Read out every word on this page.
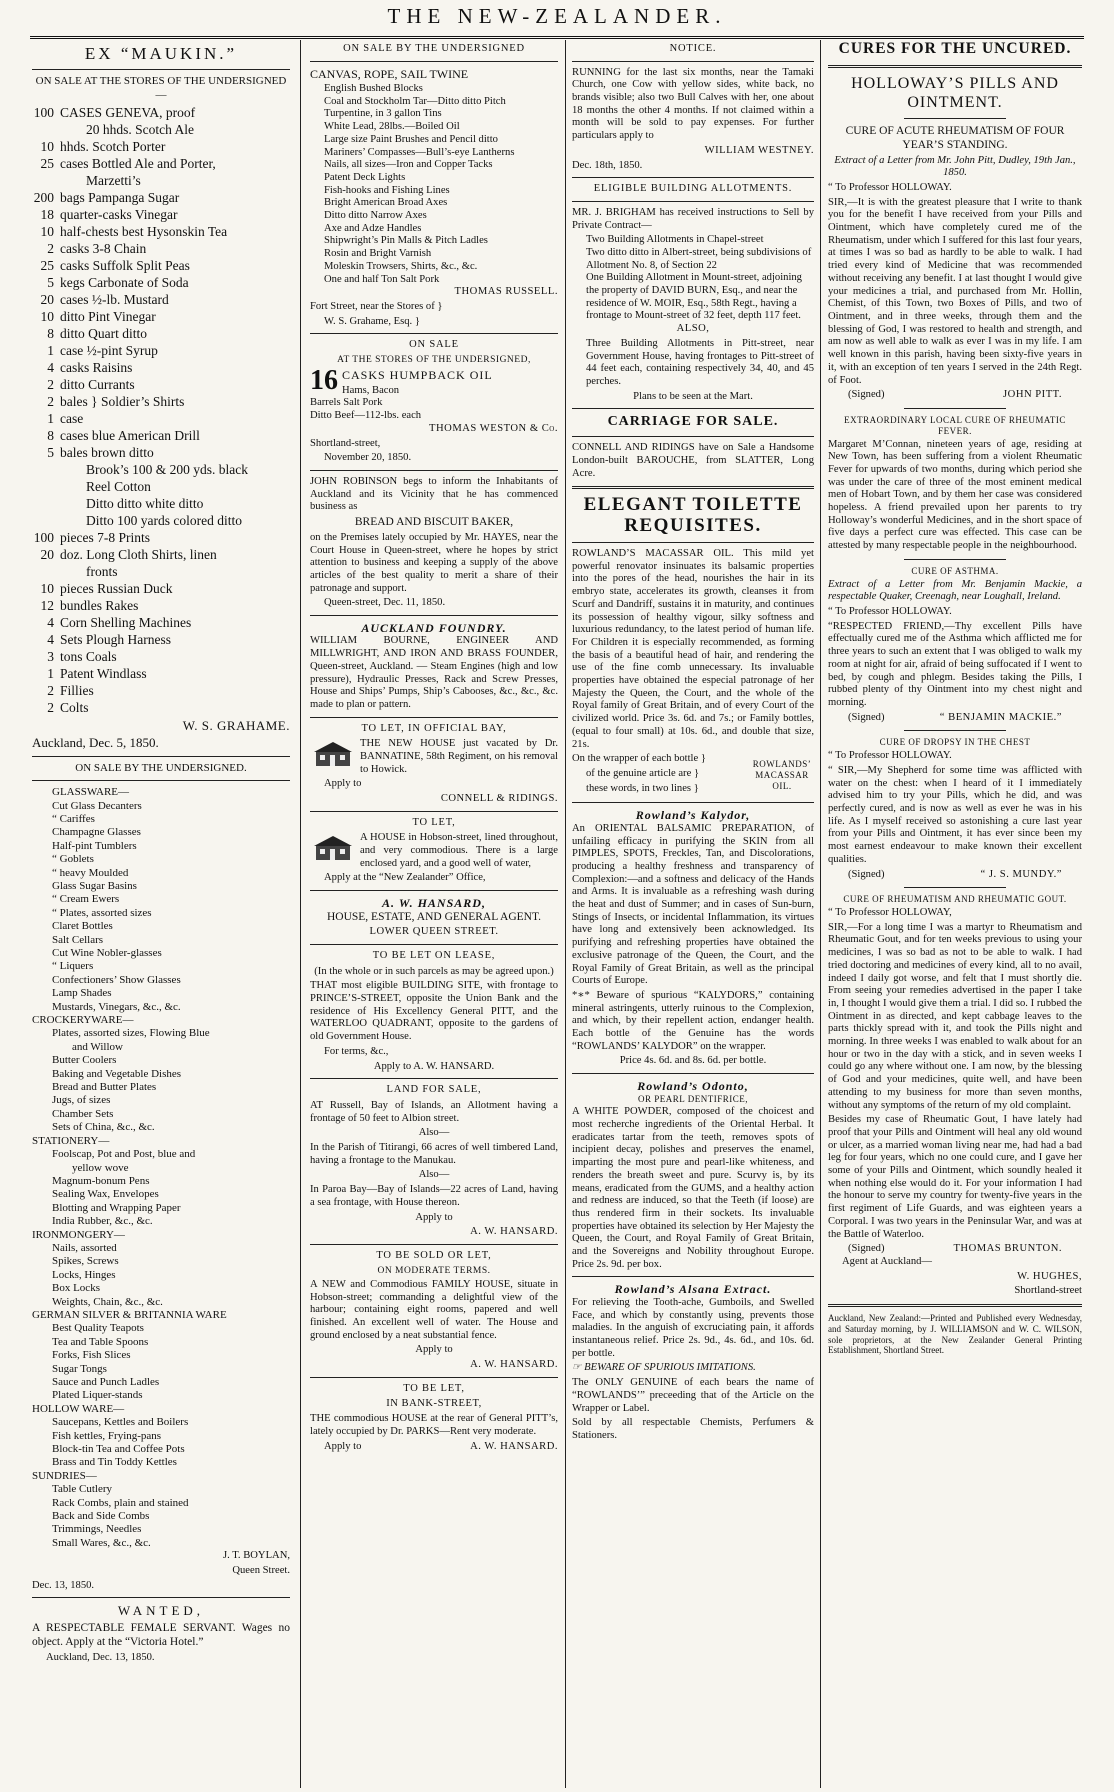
THE NEW-ZEALANDER.
EX “MAUKIN.”

ON SALE AT THE STORES OF THE UNDERSIGNED—

100 CASES GENEVA, proof
20 hhds. Scotch Ale
10 hhds. Scotch Porter
25 cases Bottled Ale and Porter,
Marzetti’s
200 bags Pampanga Sugar
18 quarter-casks Vinegar
10 half-chests best Hysonskin Tea
2 casks 3-8 Chain
25 casks Suffolk Split Peas
5 kegs Carbonate of Soda
20 cases ½-lb. Mustard
10 ditto Pint Vinegar
8 ditto Quart ditto
1 case ½-pint Syrup
4 casks Raisins
2 ditto Currants
2 bales } Soldier’s Shirts
1 case
8 cases blue American Drill
5 bales brown ditto
Brook’s 100 & 200 yds. black
Reel Cotton
Ditto ditto white ditto
Ditto 100 yards colored ditto
100 pieces 7-8 Prints
20 doz. Long Cloth Shirts, linen
fronts
10 pieces Russian Duck
12 bundles Rakes
4 Corn Shelling Machines
4 Sets Plough Harness
3 tons Coals
1 Patent Windlass
2 Fillies
2 Colts

W. S. GRAHAME.

Auckland, Dec. 5, 1850.

ON SALE BY THE UNDERSIGNED.

GLASSWARE—
Cut Glass Decanters
“ Cariffes
Champagne Glasses
Half-pint Tumblers
“ Goblets
“ heavy Moulded
Glass Sugar Basins
“ Cream Ewers
“ Plates, assorted sizes
Claret Bottles
Salt Cellars
Cut Wine Nobler-glasses
“ Liquers
Confectioners’ Show Glasses
Lamp Shades
Mustards, Vinegars, &c., &c.
CROCKERYWARE—
Plates, assorted sizes, Flowing Blue
and Willow
Butter Coolers
Baking and Vegetable Dishes
Bread and Butter Plates
Jugs, of sizes
Chamber Sets
Sets of China, &c., &c.
STATIONERY—
Foolscap, Pot and Post, blue and
yellow wove
Magnum-bonum Pens
Sealing Wax, Envelopes
Blotting and Wrapping Paper
India Rubber, &c., &c.
IRONMONGERY—
Nails, assorted
Spikes, Screws
Locks, Hinges
Box Locks
Weights, Chain, &c., &c.
GERMAN SILVER & BRITANNIA WARE
Best Quality Teapots
Tea and Table Spoons
Forks, Fish Slices
Sugar Tongs
Sauce and Punch Ladles
Plated Liquer-stands
HOLLOW WARE—
Saucepans, Kettles and Boilers
Fish kettles, Frying-pans
Block-tin Tea and Coffee Pots
Brass and Tin Toddy Kettles
SUNDRIES—
Table Cutlery
Rack Combs, plain and stained
Back and Side Combs
Trimmings, Needles
Small Wares, &c., &c.

J. T. BOYLAN,

Queen Street.

Dec. 13, 1850.

WANTED,

A RESPECTABLE FEMALE SERVANT. Wages no object. Apply at the “Victoria Hotel.”

Auckland, Dec. 13, 1850.

ON SALE BY THE UNDERSIGNED

CANVAS, ROPE, SAIL TWINE

English Bushed Blocks
Coal and Stockholm Tar—Ditto ditto Pitch
Turpentine, in 3 gallon Tins
White Lead, 28lbs.—Boiled Oil
Large size Paint Brushes and Pencil ditto
Mariners’ Compasses—Bull’s-eye Lantherns
Nails, all sizes—Iron and Copper Tacks
Patent Deck Lights
Fish-hooks and Fishing Lines
Bright American Broad Axes
Ditto ditto Narrow Axes
Axe and Adze Handles
Shipwright’s Pin Malls & Pitch Ladles
Rosin and Bright Varnish
Moleskin Trowsers, Shirts, &c., &c.
One and half Ton Salt Pork

THOMAS RUSSELL.

Fort Street, near the Stores of }

W. S. Grahame, Esq. }

ON SALE

AT THE STORES OF THE UNDERSIGNED,

16 CASKS HUMPBACK OIL

Hams, Bacon
Barrels Salt Pork
Ditto Beef—112-lbs. each

THOMAS WESTON & Co.

Shortland-street,

November 20, 1850.

JOHN ROBINSON begs to inform the Inhabitants of Auckland and its Vicinity that he has commenced business as

BREAD AND BISCUIT BAKER,

on the Premises lately occupied by Mr. HAYES, near the Court House in Queen-street, where he hopes by strict attention to business and keeping a supply of the above articles of the best quality to merit a share of their patronage and support.

Queen-street, Dec. 11, 1850.

AUCKLAND FOUNDRY.

WILLIAM BOURNE, ENGINEER AND MILLWRIGHT, AND IRON AND BRASS FOUNDER, Queen-street, Auckland. — Steam Engines (high and low pressure), Hydraulic Presses, Rack and Screw Presses, House and Ships’ Pumps, Ship’s Cabooses, &c., &c., &c. made to plan or pattern.

TO LET, IN OFFICIAL BAY,

THE NEW HOUSE just vacated by Dr. BANNATINE, 58th Regiment, on his removal to Howick.

Apply to

CONNELL & RIDINGS.

TO LET,

A HOUSE in Hobson-street, lined throughout, and very commodious. There is a large enclosed yard, and a good well of water,

Apply at the “New Zealander” Office,

A. W. HANSARD,

HOUSE, ESTATE, AND GENERAL AGENT.

LOWER QUEEN STREET.

TO BE LET ON LEASE,

(In the whole or in such parcels as may be agreed upon.)

THAT most eligible BUILDING SITE, with frontage to PRINCE’S-STREET, opposite the Union Bank and the residence of His Excellency General PITT, and the WATERLOO QUADRANT, opposite to the gardens of old Government House.

For terms, &c.,

Apply to A. W. HANSARD.

LAND FOR SALE,

AT Russell, Bay of Islands, an Allotment having a frontage of 50 feet to Albion street.

Also—

In the Parish of Titirangi, 66 acres of well timbered Land, having a frontage to the Manukau.

Also—

In Paroa Bay—Bay of Islands—22 acres of Land, having a sea frontage, with House thereon.

Apply to

A. W. HANSARD.

TO BE SOLD OR LET,

ON MODERATE TERMS.

A NEW and Commodious FAMILY HOUSE, situate in Hobson-street; commanding a delightful view of the harbour; containing eight rooms, papered and well finished. An excellent well of water. The House and ground enclosed by a neat substantial fence.

Apply to

A. W. HANSARD.

TO BE LET,

IN BANK-STREET,

THE commodious HOUSE at the rear of General PITT’s, lately occupied by Dr. PARKS—Rent very moderate.

Apply to	A. W. HANSARD.
NOTICE.

RUNNING for the last six months, near the Tamaki Church, one Cow with yellow sides, white back, no brands visible; also two Bull Calves with her, one about 18 months the other 4 months. If not claimed within a month will be sold to pay expenses. For further particulars apply to

WILLIAM WESTNEY.

Dec. 18th, 1850.

ELIGIBLE BUILDING ALLOTMENTS.

MR. J. BRIGHAM has received instructions to Sell by Private Contract—

Two Building Allotments in Chapel-street
Two ditto ditto in Albert-street, being subdivisions of Allotment No. 8, of Section 22
One Building Allotment in Mount-street, adjoining the property of DAVID BURN, Esq., and near the residence of W. MOIR, Esq., 58th Regt., having a frontage to Mount-street of 32 feet, depth 117 feet.

ALSO,

Three Building Allotments in Pitt-street, near Government House, having frontages to Pitt-street of 44 feet each, containing respectively 34, 40, and 45 perches.

Plans to be seen at the Mart.

CARRIAGE FOR SALE.

CONNELL AND RIDINGS have on Sale a Handsome London-built BAROUCHE, from SLATTER, Long Acre.

ELEGANT TOILETTE REQUISITES.

ROWLAND’S MACASSAR OIL. This mild yet powerful renovator insinuates its balsamic properties into the pores of the head, nourishes the hair in its embryo state, accelerates its growth, cleanses it from Scurf and Dandriff, sustains it in maturity, and continues its possession of healthy vigour, silky softness and luxurious redundancy, to the latest period of human life. For Children it is especially recommended, as forming the basis of a beautiful head of hair, and rendering the use of the fine comb unnecessary. Its invaluable properties have obtained the especial patronage of her Majesty the Queen, the Court, and the whole of the Royal family of Great Britain, and of every Court of the civilized world. Price 3s. 6d. and 7s.; or Family bottles, (equal to four small) at 10s. 6d., and double that size, 21s.

On the wrapper of each bottle }

of the genuine article are }

these words, in two lines }

ROWLANDS’ MACASSAR OIL.
Rowland’s Kalydor,

An ORIENTAL BALSAMIC PREPARATION, of unfailing efficacy in purifying the SKIN from all PIMPLES, SPOTS, Freckles, Tan, and Discolorations, producing a healthy freshness and transparency of Complexion:—and a softness and delicacy of the Hands and Arms. It is invaluable as a refreshing wash during the heat and dust of Summer; and in cases of Sun-burn, Stings of Insects, or incidental Inflammation, its virtues have long and extensively been acknowledged. Its purifying and refreshing properties have obtained the exclusive patronage of the Queen, the Court, and the Royal Family of Great Britain, as well as the principal Courts of Europe.

*∗* Beware of spurious “KALYDORS,” containing mineral astringents, utterly ruinous to the Complexion, and which, by their repellent action, endanger health. Each bottle of the Genuine has the words “ROWLANDS’ KALYDOR” on the wrapper.

Price 4s. 6d. and 8s. 6d. per bottle.

Rowland’s Odonto,

OR PEARL DENTIFRICE,

A WHITE POWDER, composed of the choicest and most recherche ingredients of the Oriental Herbal. It eradicates tartar from the teeth, removes spots of incipient decay, polishes and preserves the enamel, imparting the most pure and pearl-like whiteness, and renders the breath sweet and pure. Scurvy is, by its means, eradicated from the GUMS, and a healthy action and redness are induced, so that the Teeth (if loose) are thus rendered firm in their sockets. Its invaluable properties have obtained its selection by Her Majesty the Queen, the Court, and Royal Family of Great Britain, and the Sovereigns and Nobility throughout Europe. Price 2s. 9d. per box.

Rowland’s Alsana Extract.

For relieving the Tooth-ache, Gumboils, and Swelled Face, and which by constantly using, prevents those maladies. In the anguish of excruciating pain, it affords instantaneous relief. Price 2s. 9d., 4s. 6d., and 10s. 6d. per bottle.

☞ BEWARE OF SPURIOUS IMITATIONS.

The ONLY GENUINE of each bears the name of “ROWLANDS’” preceeding that of the Article on the Wrapper or Label.

Sold by all respectable Chemists, Perfumers & Stationers.

CURES FOR THE UNCURED.
HOLLOWAY’S PILLS AND OINTMENT.

CURE OF ACUTE RHEUMATISM OF FOUR YEAR’S STANDING.

Extract of a Letter from Mr. John Pitt, Dudley, 19th Jan., 1850.

“ To Professor HOLLOWAY.

SIR,—It is with the greatest pleasure that I write to thank you for the benefit I have received from your Pills and Ointment, which have completely cured me of the Rheumatism, under which I suffered for this last four years, at times I was so bad as hardly to be able to walk. I had tried every kind of Medicine that was recommended without receiving any benefit. I at last thought I would give your medicines a trial, and purchased from Mr. Hollin, Chemist, of this Town, two Boxes of Pills, and two of Ointment, and in three weeks, through them and the blessing of God, I was restored to health and strength, and am now as well able to walk as ever I was in my life. I am well known in this parish, having been sixty-five years in it, with an exception of ten years I served in the 24th Regt. of Foot.

(Signed)	JOHN PITT.

EXTRAORDINARY LOCAL CURE OF RHEUMATIC FEVER.

Margaret M’Connan, nineteen years of age, residing at New Town, has been suffering from a violent Rheumatic Fever for upwards of two months, during which period she was under the care of three of the most eminent medical men of Hobart Town, and by them her case was considered hopeless. A friend prevailed upon her parents to try Holloway’s wonderful Medicines, and in the short space of five days a perfect cure was effected. This case can be attested by many respectable people in the neighbourhood.

CURE OF ASTHMA.

Extract of a Letter from Mr. Benjamin Mackie, a respectable Quaker, Creenagh, near Loughall, Ireland.

“ To Professor HOLLOWAY.

“RESPECTED FRIEND,—Thy excellent Pills have effectually cured me of the Asthma which afflicted me for three years to such an extent that I was obliged to walk my room at night for air, afraid of being suffocated if I went to bed, by cough and phlegm. Besides taking the Pills, I rubbed plenty of thy Ointment into my chest night and morning.

(Signed)	“ BENJAMIN MACKIE.”

CURE OF DROPSY IN THE CHEST

“ To Professor HOLLOWAY.

“ SIR,—My Shepherd for some time was afflicted with water on the chest: when I heard of it I immediately advised him to try your Pills, which he did, and was perfectly cured, and is now as well as ever he was in his life. As I myself received so astonishing a cure last year from your Pills and Ointment, it has ever since been my most earnest endeavour to make known their excellent qualities.

(Signed)	“ J. S. MUNDY.”

CURE OF RHEUMATISM AND RHEUMATIC GOUT.

“ To Professor HOLLOWAY,

SIR,—For a long time I was a martyr to Rheumatism and Rheumatic Gout, and for ten weeks previous to using your medicines, I was so bad as not to be able to walk. I had tried doctoring and medicines of every kind, all to no avail, indeed I daily got worse, and felt that I must shortly die. From seeing your remedies advertised in the paper I take in, I thought I would give them a trial. I did so. I rubbed the Ointment in as directed, and kept cabbage leaves to the parts thickly spread with it, and took the Pills night and morning. In three weeks I was enabled to walk about for an hour or two in the day with a stick, and in seven weeks I could go any where without one. I am now, by the blessing of God and your medicines, quite well, and have been attending to my business for more than seven months, without any symptoms of the return of my old complaint.

Besides my case of Rheumatic Gout, I have lately had proof that your Pills and Ointment will heal any old wound or ulcer, as a married woman living near me, had had a bad leg for four years, which no one could cure, and I gave her some of your Pills and Ointment, which soundly healed it when nothing else would do it. For your information I had the honour to serve my country for twenty-five years in the first regiment of Life Guards, and was eighteen years a Corporal. I was two years in the Peninsular War, and was at the Battle of Waterloo.

(Signed)	THOMAS BRUNTON.

Agent at Auckland—

W. HUGHES,

Shortland-street

Auckland, New Zealand:—Printed and Published every Wednesday, and Saturday morning, by J. WILLIAMSON and W. C. WILSON, sole proprietors, at the New Zealander General Printing Establishment, Shortland Street.
